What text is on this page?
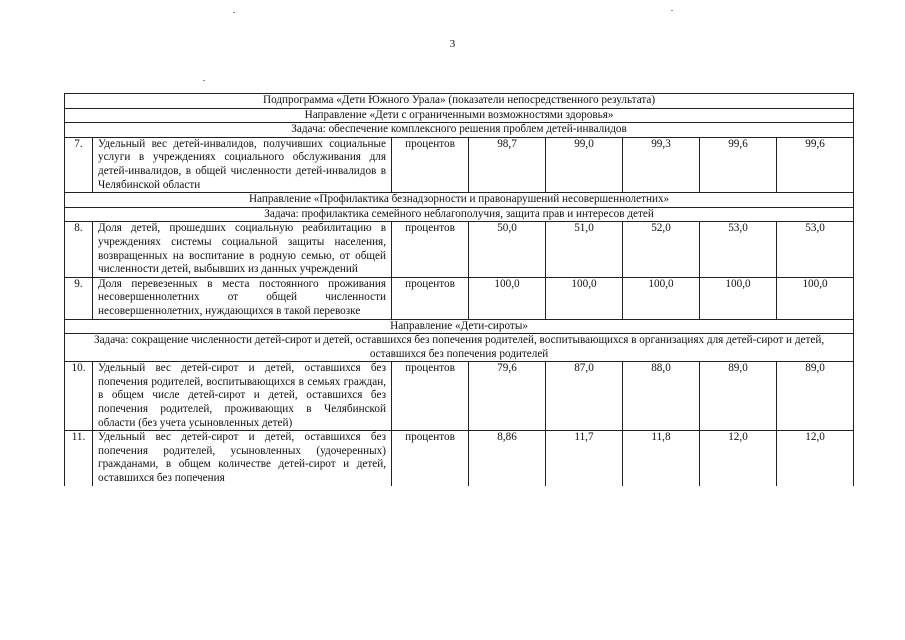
3
Подпрограмма «Дети Южного Урала» (показатели непосредственного результата)							
Направление «Дети с ограниченными возможностями здоровья»							
Задача: обеспечение комплексного решения проблем детей-инвалидов							
7.	Удельный вес детей-инвалидов, получивших социальные услуги в учреждениях социального обслуживания для детей-инвалидов, в общей численности детей-инвалидов в Челябинской области	процентов	98,7	99,0	99,3	99,6	99,6
Направление «Профилактика безнадзорности и правонарушений несовершеннолетних»							
Задача: профилактика семейного неблагополучия, защита прав и интересов детей							
8.	Доля детей, прошедших социальную реабилитацию в учреждениях системы социальной защиты населения, возвращенных на воспитание в родную семью, от общей численности детей, выбывших из данных учреждений	процентов	50,0	51,0	52,0	53,0	53,0
9.	Доля перевезенных в места постоянного проживания несовершеннолетних от общей численности несовершеннолетних, нуждающихся в такой перевозке	процентов	100,0	100,0	100,0	100,0	100,0
Направление «Дети-сироты»							
Задача: сокращение численности детей-сирот и детей, оставшихся без попечения родителей, воспитывающихся в организациях для детей-сирот и детей, оставшихся без попечения родителей							
10.	Удельный вес детей-сирот и детей, оставшихся без попечения родителей, воспитывающихся в семьях граждан, в общем числе детей-сирот и детей, оставшихся без попечения родителей, проживающих в Челябинской области (без учета усыновленных детей)	процентов	79,6	87,0	88,0	89,0	89,0
11.	Удельный вес детей-сирот и детей, оставшихся без попечения родителей, усыновленных (удочеренных) гражданами, в общем количестве детей-сирот и детей, оставшихся без попечения	процентов	8,86	11,7	11,8	12,0	12,0
